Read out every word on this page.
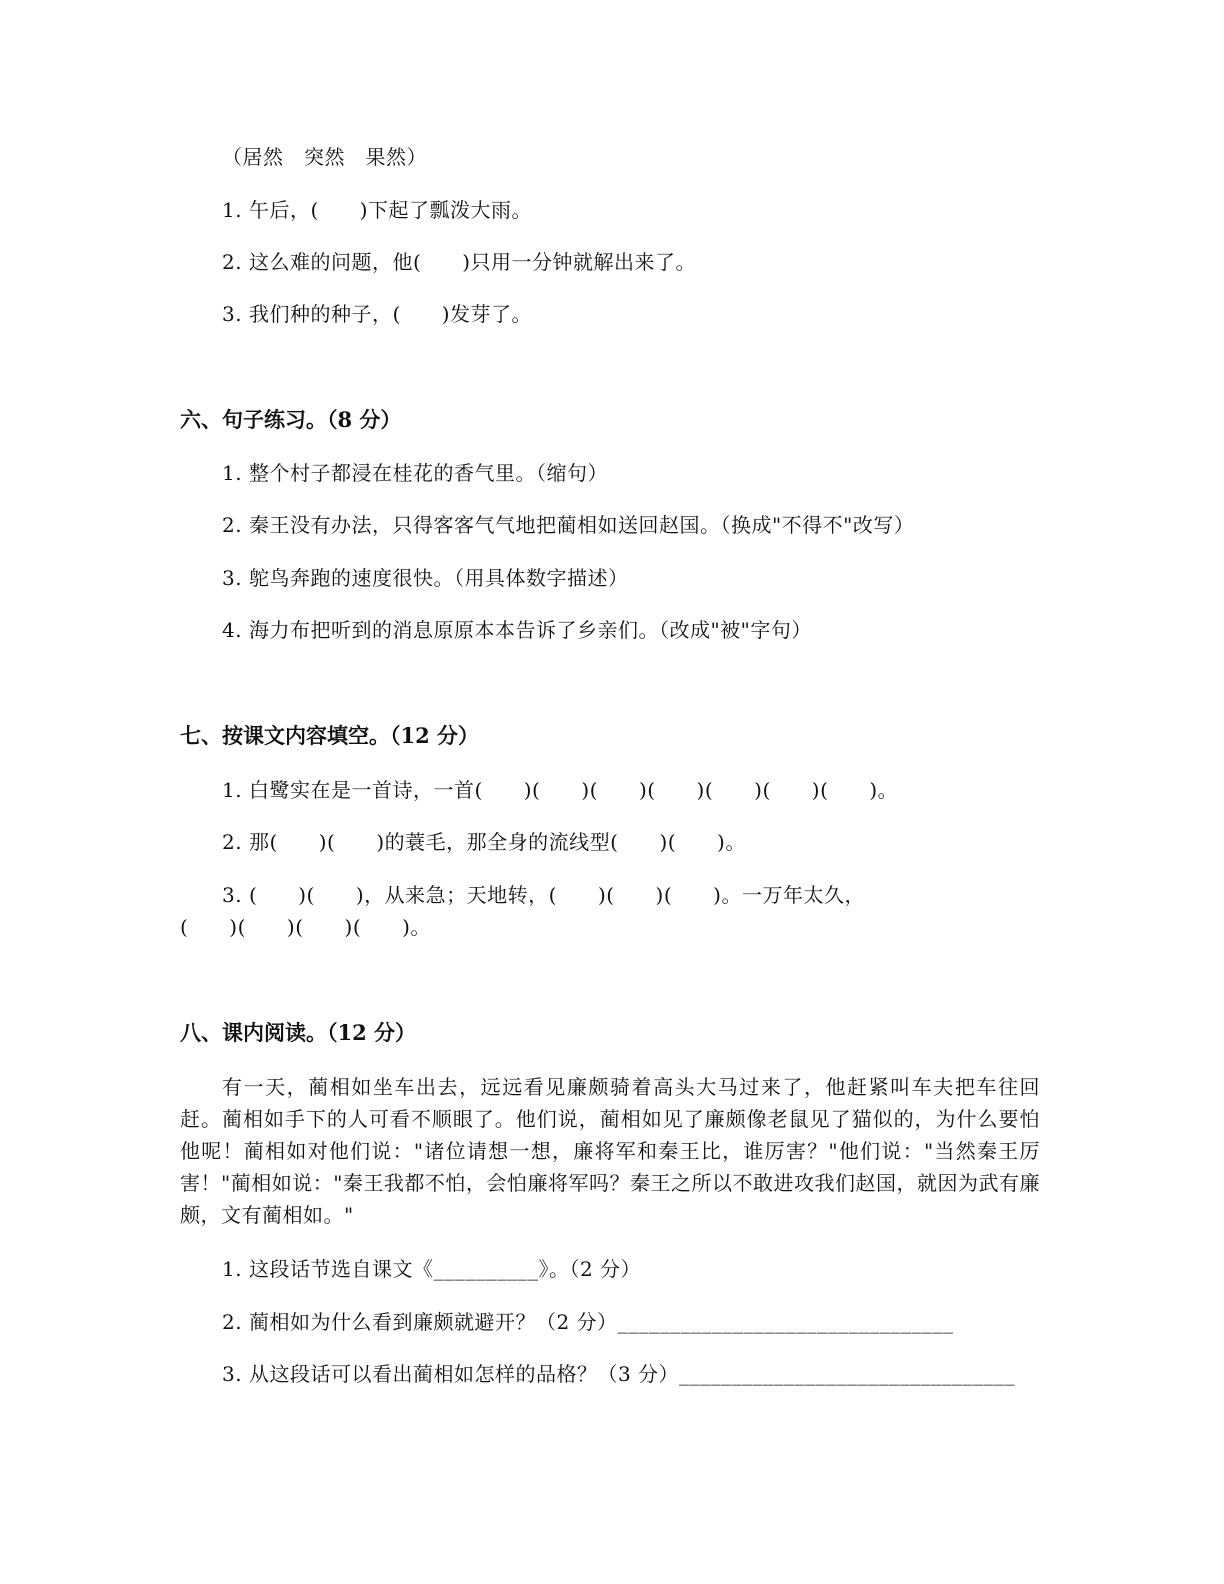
（居然　突然　果然）
1. 午后，(　　)下起了瓢泼大雨。
2. 这么难的问题，他(　　)只用一分钟就解出来了。
3. 我们种的种子，(　　)发芽了。
六、句子练习。（8 分）
1. 整个村子都浸在桂花的香气里。（缩句）
2. 秦王没有办法，只得客客气气地把蔺相如送回赵国。（换成"不得不"改写）
3. 鸵鸟奔跑的速度很快。（用具体数字描述）
4. 海力布把听到的消息原原本本告诉了乡亲们。（改成"被"字句）
七、按课文内容填空。（12 分）
1. 白鹭实在是一首诗，一首(　　)(　　)(　　)(　　)(　　)(　　)(　　)。
2. 那(　　)(　　)的蓑毛，那全身的流线型(　　)(　　)。
3. (　　)(　　)，从来急；天地转，(　　)(　　)(　　)。一万年太久，
(　　)(　　)(　　)(　　)。
八、课内阅读。（12 分）
有一天，蔺相如坐车出去，远远看见廉颇骑着高头大马过来了，他赶紧叫车夫把车往回赶。蔺相如手下的人可看不顺眼了。他们说，蔺相如见了廉颇像老鼠见了猫似的，为什么要怕他呢！蔺相如对他们说："诸位请想一想，廉将军和秦王比，谁厉害？"他们说："当然秦王厉害！"蔺相如说："秦王我都不怕，会怕廉将军吗？秦王之所以不敢进攻我们赵国，就因为武有廉颇，文有蔺相如。"
1. 这段话节选自课文《__________》。（2 分）
2. 蔺相如为什么看到廉颇就避开？（2 分）________________________________
3. 从这段话可以看出蔺相如怎样的品格？（3 分）________________________________
